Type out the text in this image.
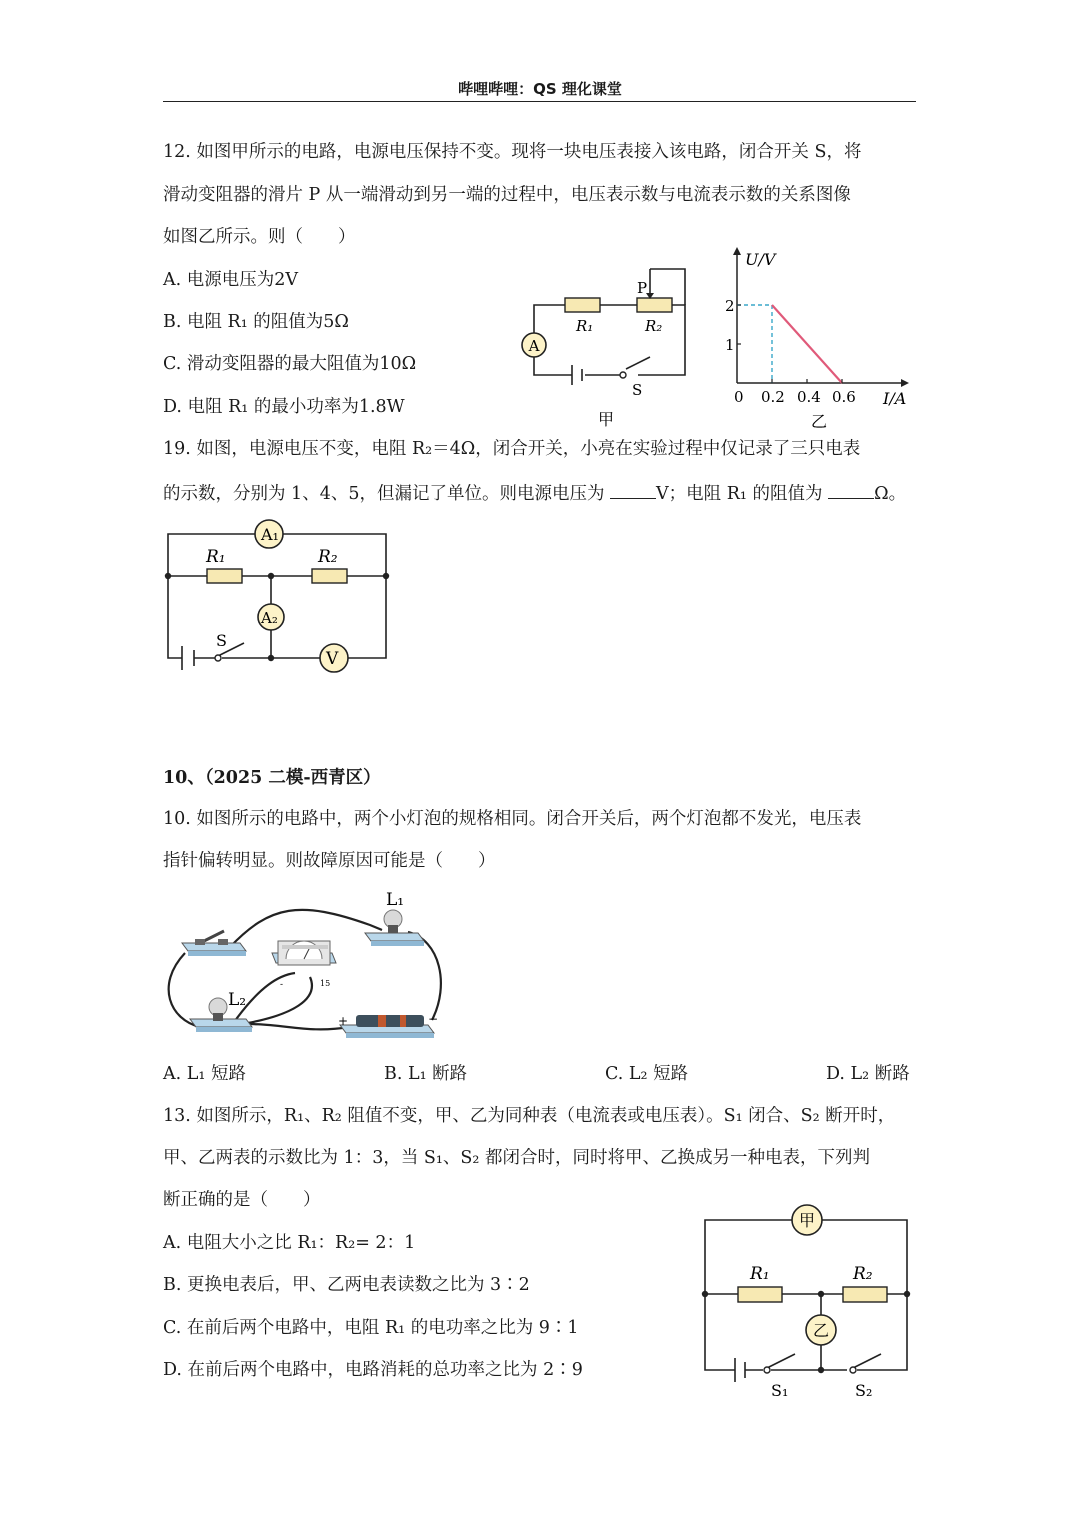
哔哩哔哩：QS 理化课堂
12. 如图甲所示的电路，电源电压保持不变。现将一块电压表接入该电路，闭合开关 S，将
滑动变阻器的滑片 P 从一端滑动到另一端的过程中，电压表示数与电流表示数的关系图像
如图乙所示。则（　　）
A. 电源电压为2V
B. 电阻 R₁ 的阻值为5Ω
C. 滑动变阻器的最大阻值为10Ω
D. 电阻 R₁ 的最小功率为1.8W
A
R₁	R₂
P
S
甲
U/V
I/A
2
1
0 0.2 0.4 0.6
乙
19. 如图，电源电压不变，电阻 R₂＝4Ω，闭合开关，小亮在实验过程中仅记录了三只电表
的示数，分别为 1、4、5，但漏记了单位。则电源电压为	V；电阻 R₁ 的阻值为	Ω。
A₁
A₂
V
R₁	R₂
S
10、（2025 二模-西青区）
10. 如图所示的电路中，两个小灯泡的规格相同。闭合开关后，两个灯泡都不发光，电压表
指针偏转明显。则故障原因可能是（　　）
L₁
-	15
L₂
+	−
A. L₁ 短路	B. L₁ 断路	C. L₂ 短路	D. L₂ 断路
13. 如图所示，R₁、R₂ 阻值不变，甲、乙为同种表（电流表或电压表）。S₁ 闭合、S₂ 断开时，
甲、乙两表的示数比为 1：3，当 S₁、S₂ 都闭合时，同时将甲、乙换成另一种电表，下列判
断正确的是（　　）
A. 电阻大小之比 R₁：R₂= 2：1
B. 更换电表后，甲、乙两电表读数之比为 3∶2
C. 在前后两个电路中，电阻 R₁ 的电功率之比为 9∶1
D. 在前后两个电路中，电路消耗的总功率之比为 2∶9
甲
乙
R₁	R₂
S₁	S₂
